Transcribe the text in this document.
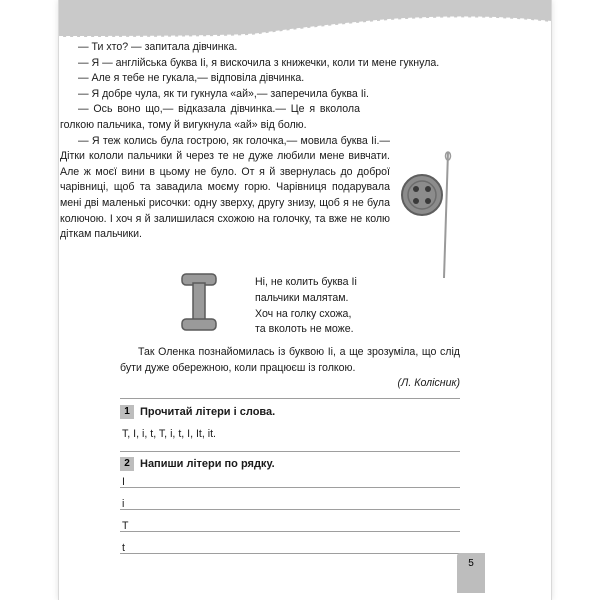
— Ти хто? — запитала дівчинка.

— Я — англійська буква Іі, я вискочила з книжечки, коли ти мене гукнула.

— Але я тебе не гукала,— відповіла дівчинка.

— Я добре чула, як ти гукнула «ай»,— заперечила буква Іі.

— Ось воно що,— відказала дівчинка.— Це я вколола голкою пальчика, тому й вигукнула «ай» від болю.

— Я теж колись була гострою, як голочка,— мовила буква Іі.— Дітки кололи пальчики й через те не дуже любили мене вивчати. Але ж моєї вини в цьому не було. От я й звернулась до доброї чарівниці, щоб та завадила моєму горю. Чарівниця подарувала мені дві маленькі рисочки: одну зверху, другу знизу, щоб я не була колючою. І хоч я й залишилася схожою на голочку, та вже не колю діткам пальчики.

Ні, не колить буква Іі
пальчики малятам.
Хоч на голку схожа,
та вколоть не може.

Так Оленка познайомилась із буквою Іі, а ще зрозуміла, що слід бути дуже обережною, коли працюєш із голкою.

(Л. Колісник)
1 Прочитай літери і слова.
T, I, i, t, T, i, t, I, It, it.
2 Напиши літери по рядку.
I
i
T
t
5
